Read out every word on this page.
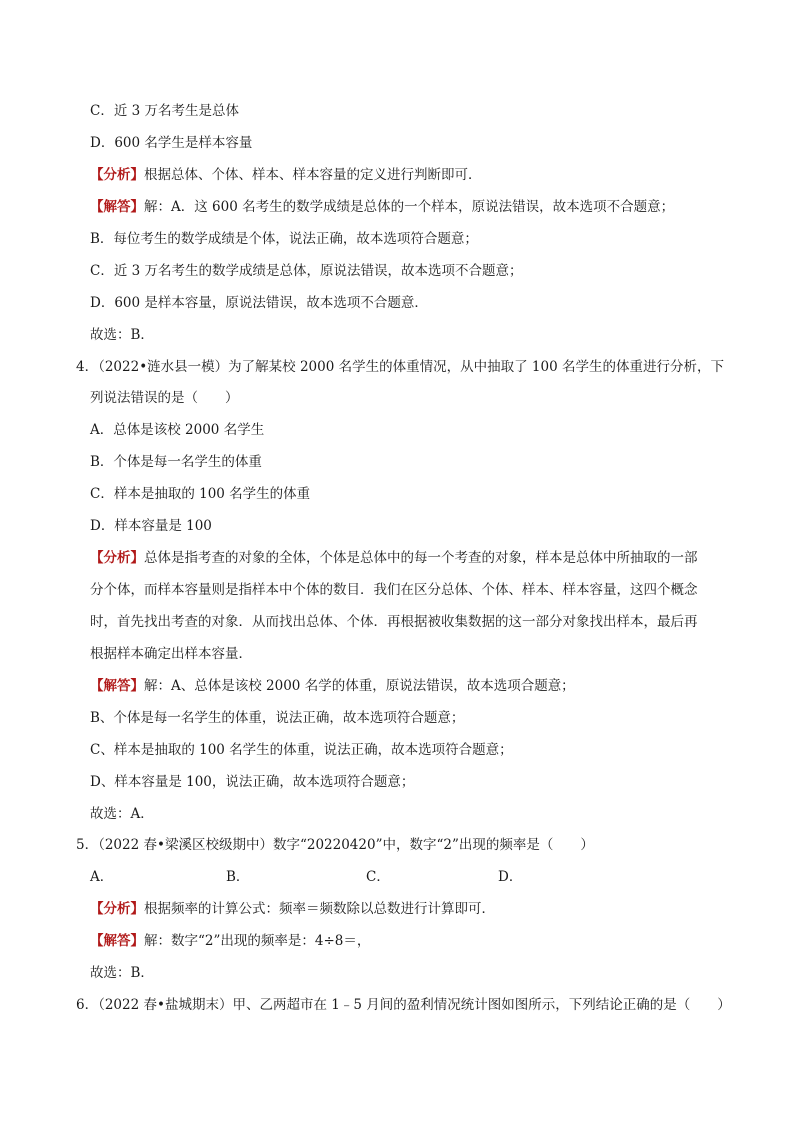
C．近 3 万名考生是总体
D．600 名学生是样本容量
【分析】根据总体、个体、样本、样本容量的定义进行判断即可．
【解答】解：A．这 600 名考生的数学成绩是总体的一个样本，原说法错误，故本选项不合题意；
B．每位考生的数学成绩是个体，说法正确，故本选项符合题意；
C．近 3 万名考生的数学成绩是总体，原说法错误，故本选项不合题意；
D．600 是样本容量，原说法错误，故本选项不合题意．
故选：B．
4．（2022•涟水县一模）为了解某校 2000 名学生的体重情况，从中抽取了 100 名学生的体重进行分析，下
列说法错误的是（　　）
A．总体是该校 2000 名学生
B．个体是每一名学生的体重
C．样本是抽取的 100 名学生的体重
D．样本容量是 100
【分析】总体是指考查的对象的全体，个体是总体中的每一个考查的对象，样本是总体中所抽取的一部
分个体，而样本容量则是指样本中个体的数目．我们在区分总体、个体、样本、样本容量，这四个概念
时，首先找出考查的对象．从而找出总体、个体．再根据被收集数据的这一部分对象找出样本，最后再
根据样本确定出样本容量．
【解答】解：A、总体是该校 2000 名学的体重，原说法错误，故本选项合题意；
B、个体是每一名学生的体重，说法正确，故本选项符合题意；
C、样本是抽取的 100 名学生的体重，说法正确，故本选项符合题意；
D、样本容量是 100，说法正确，故本选项符合题意；
故选：A．
5．（2022 春•梁溪区校级期中）数字“20220420”中，数字“2”出现的频率是（　　）
A．	B．	C．	D．
【分析】根据频率的计算公式：频率＝频数除以总数进行计算即可．
【解答】解：数字“2”出现的频率是：4÷8＝，
故选：B．
6．（2022 春•盐城期末）甲、乙两超市在 1﹣5 月间的盈利情况统计图如图所示，下列结论正确的是（　　）
